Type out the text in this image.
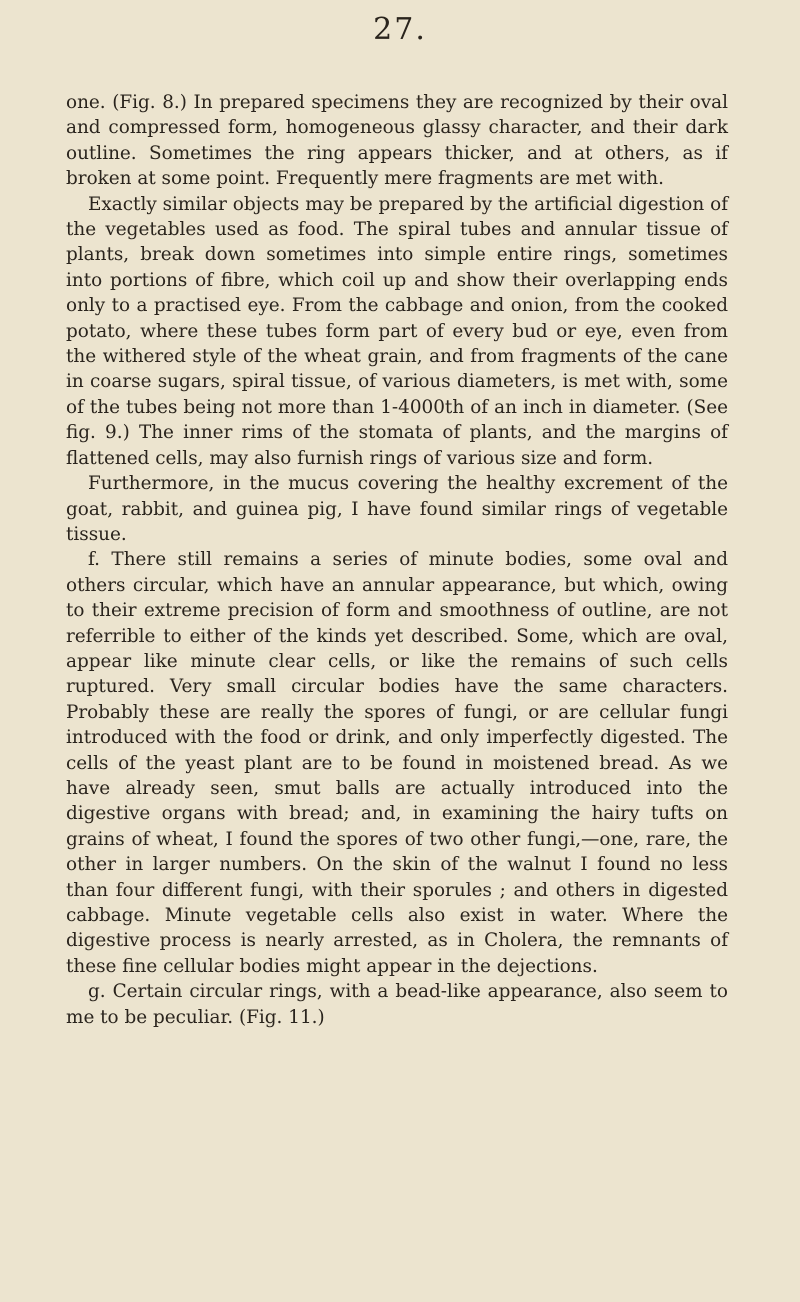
27.

one. (Fig. 8.) In prepared specimens they are recognized by their oval and compressed form, homogeneous glassy character, and their dark outline. Sometimes the ring appears thicker, and at others, as if broken at some point. Frequently mere fragments are met with.

Exactly similar objects may be prepared by the artificial digestion of the vegetables used as food. The spiral tubes and annular tissue of plants, break down sometimes into simple entire rings, sometimes into portions of fibre, which coil up and show their overlapping ends only to a practised eye. From the cabbage and onion, from the cooked potato, where these tubes form part of every bud or eye, even from the withered style of the wheat grain, and from fragments of the cane in coarse sugars, spiral tissue, of various diameters, is met with, some of the tubes being not more than 1-4000th of an inch in diameter. (See fig. 9.) The inner rims of the stomata of plants, and the margins of flattened cells, may also furnish rings of various size and form.

Furthermore, in the mucus covering the healthy excrement of the goat, rabbit, and guinea pig, I have found similar rings of vegetable tissue.

f. There still remains a series of minute bodies, some oval and others circular, which have an annular appearance, but which, owing to their extreme precision of form and smoothness of outline, are not referrible to either of the kinds yet described. Some, which are oval, appear like minute clear cells, or like the remains of such cells ruptured. Very small circular bodies have the same characters. Probably these are really the spores of fungi, or are cellular fungi introduced with the food or drink, and only imperfectly digested. The cells of the yeast plant are to be found in moistened bread. As we have already seen, smut balls are actually introduced into the digestive organs with bread; and, in examining the hairy tufts on grains of wheat, I found the spores of two other fungi,—one, rare, the other in larger numbers. On the skin of the walnut I found no less than four different fungi, with their sporules ; and others in digested cabbage. Minute vegetable cells also exist in water. Where the digestive process is nearly arrested, as in Cholera, the remnants of these fine cellular bodies might appear in the dejections.

g. Certain circular rings, with a bead-like appearance, also seem to me to be peculiar. (Fig. 11.)
